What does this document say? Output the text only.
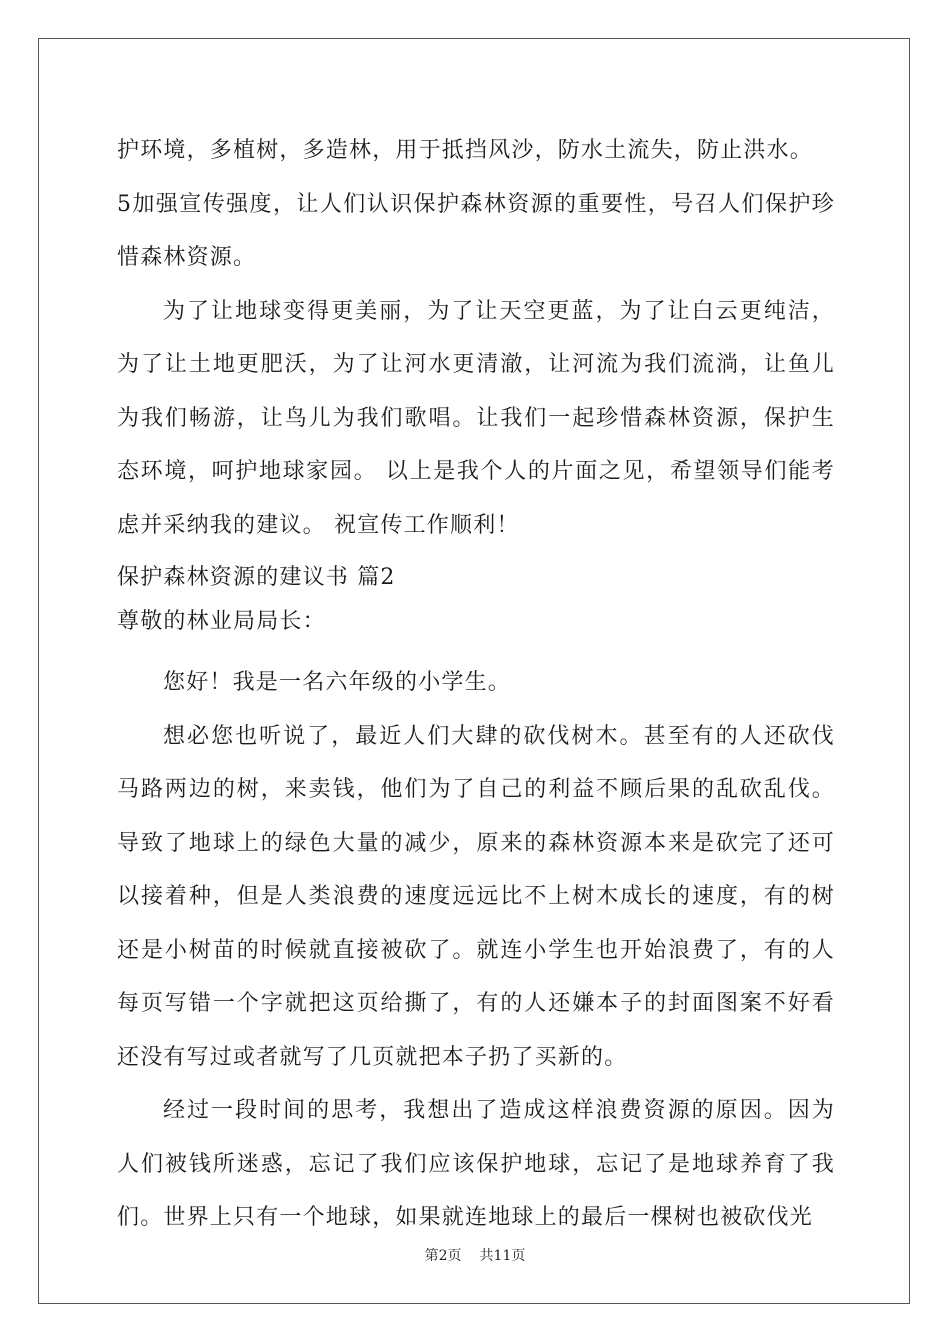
护环境，多植树，多造林，用于抵挡风沙，防水土流失，防止洪水。

5加强宣传强度，让人们认识保护森林资源的重要性，号召人们保护珍惜森林资源。

为了让地球变得更美丽，为了让天空更蓝，为了让白云更纯洁，为了让土地更肥沃，为了让河水更清澈，让河流为我们流淌，让鱼儿为我们畅游，让鸟儿为我们歌唱。让我们一起珍惜森林资源，保护生态环境，呵护地球家园。 以上是我个人的片面之见，希望领导们能考虑并采纳我的建议。 祝宣传工作顺利！

保护森林资源的建议书 篇2

尊敬的林业局局长：

您好！我是一名六年级的小学生。

想必您也听说了，最近人们大肆的砍伐树木。甚至有的人还砍伐马路两边的树，来卖钱，他们为了自己的利益不顾后果的乱砍乱伐。导致了地球上的绿色大量的减少，原来的森林资源本来是砍完了还可以接着种，但是人类浪费的速度远远比不上树木成长的速度，有的树还是小树苗的时候就直接被砍了。就连小学生也开始浪费了，有的人每页写错一个字就把这页给撕了，有的人还嫌本子的封面图案不好看还没有写过或者就写了几页就把本子扔了买新的。

经过一段时间的思考，我想出了造成这样浪费资源的原因。因为人们被钱所迷惑，忘记了我们应该保护地球，忘记了是地球养育了我们。世界上只有一个地球，如果就连地球上的最后一棵树也被砍伐光

第2页 共11页
